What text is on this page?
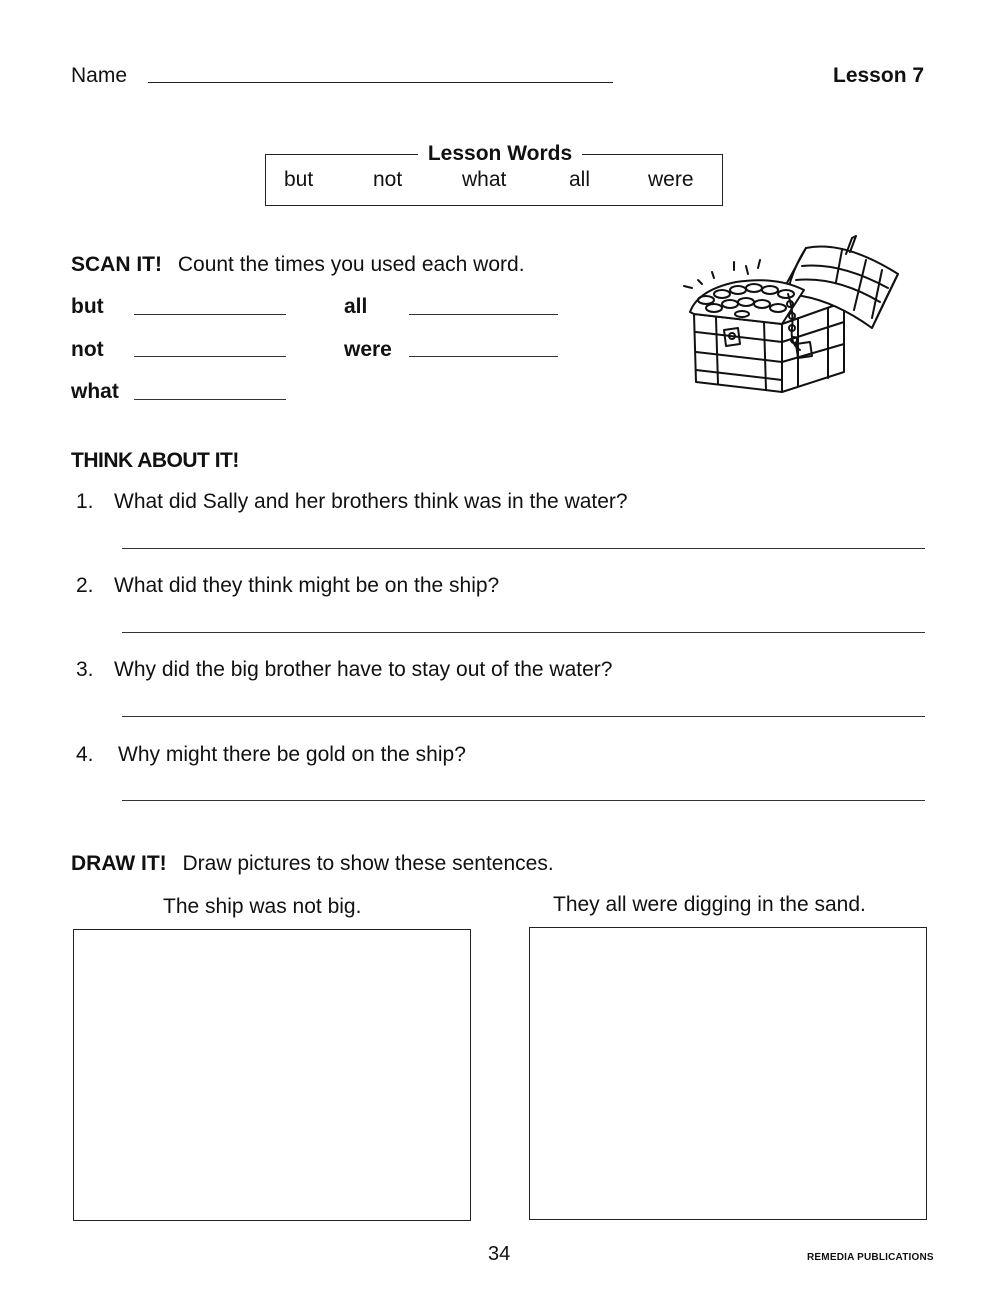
Name	Lesson 7
Lesson Words
but	not	what	all	were
SCAN IT! Count the times you used each word.
but	all
not	were
what
THINK ABOUT IT!
1. What did Sally and her brothers think was in the water?
2. What did they think might be on the ship?
3. Why did the big brother have to stay out of the water?
4. Why might there be gold on the ship?
DRAW IT! Draw pictures to show these sentences.
The ship was not big.	They all were digging in the sand.
34	REMEDIA PUBLICATIONS
